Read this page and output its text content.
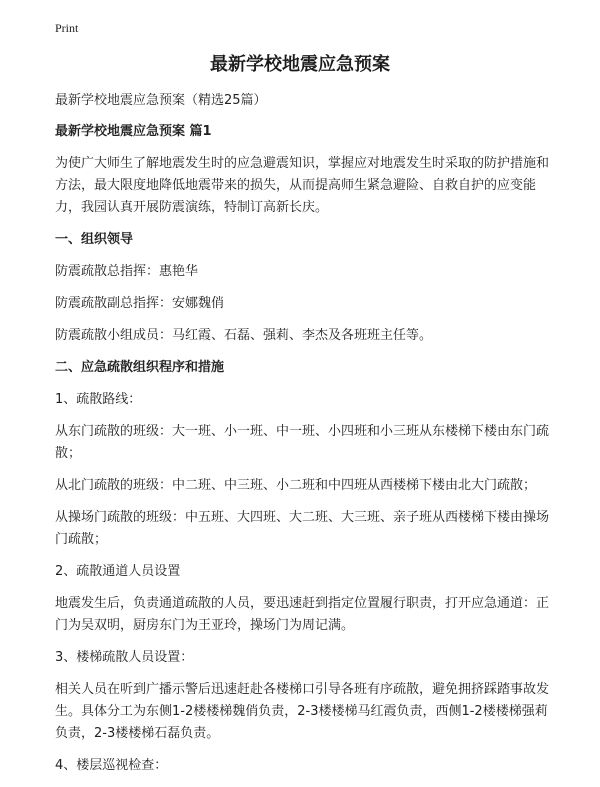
Print
最新学校地震应急预案

最新学校地震应急预案（精选25篇）

最新学校地震应急预案 篇1

为使广大师生了解地震发生时的应急避震知识，掌握应对地震发生时采取的防护措施和方法，最大限度地降低地震带来的损失，从而提高师生紧急避险、自救自护的应变能力，我园认真开展防震演练，特制订高新长庆。

一、组织领导

防震疏散总指挥：惠艳华

防震疏散副总指挥：安娜魏俏

防震疏散小组成员：马红霞、石磊、强莉、李杰及各班班主任等。

二、应急疏散组织程序和措施

1、疏散路线：

从东门疏散的班级：大一班、小一班、中一班、小四班和小三班从东楼梯下楼由东门疏散；

从北门疏散的班级：中二班、中三班、小二班和中四班从西楼梯下楼由北大门疏散；

从操场门疏散的班级：中五班、大四班、大二班、大三班、亲子班从西楼梯下楼由操场门疏散；

2、疏散通道人员设置

地震发生后，负责通道疏散的人员，要迅速赶到指定位置履行职责，打开应急通道：正门为吴双明，厨房东门为王亚玲，操场门为周记满。

3、楼梯疏散人员设置：

相关人员在听到广播示警后迅速赶赴各楼梯口引导各班有序疏散，避免拥挤踩踏事故发生。具体分工为东侧1-2楼楼梯魏俏负责，2-3楼楼梯马红霞负责，西侧1-2楼楼梯强莉负责，2-3楼楼梯石磊负责。

4、楼层巡视检查：
